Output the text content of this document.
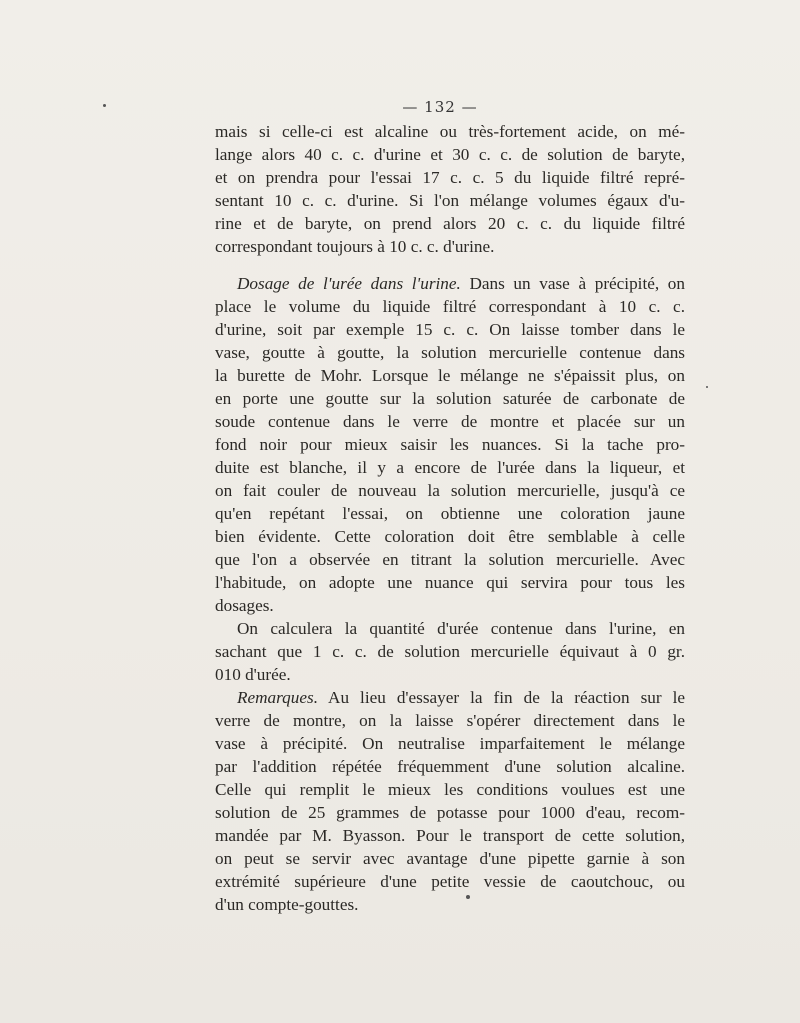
— 132 —
mais si celle-ci est alcaline ou très-fortement acide, on mé-
lange alors 40 c. c. d'urine et 30 c. c. de solution de baryte,
et on prendra pour l'essai 17 c. c. 5 du liquide filtré repré-
sentant 10 c. c. d'urine. Si l'on mélange volumes égaux d'u-
rine et de baryte, on prend alors 20 c. c. du liquide filtré
correspondant toujours à 10 c. c. d'urine.
Dosage de l'urée dans l'urine. Dans un vase à précipité, on
place le volume du liquide filtré correspondant à 10 c. c.
d'urine, soit par exemple 15 c. c. On laisse tomber dans le
vase, goutte à goutte, la solution mercurielle contenue dans
la burette de Mohr. Lorsque le mélange ne s'épaissit plus, on
en porte une goutte sur la solution saturée de carbonate de
soude contenue dans le verre de montre et placée sur un
fond noir pour mieux saisir les nuances. Si la tache pro-
duite est blanche, il y a encore de l'urée dans la liqueur, et
on fait couler de nouveau la solution mercurielle, jusqu'à ce
qu'en repétant l'essai, on obtienne une coloration jaune
bien évidente. Cette coloration doit être semblable à celle
que l'on a observée en titrant la solution mercurielle. Avec
l'habitude, on adopte une nuance qui servira pour tous les
dosages.
On calculera la quantité d'urée contenue dans l'urine, en
sachant que 1 c. c. de solution mercurielle équivaut à 0 gr.
010 d'urée.
Remarques. Au lieu d'essayer la fin de la réaction sur le
verre de montre, on la laisse s'opérer directement dans le
vase à précipité. On neutralise imparfaitement le mélange
par l'addition répétée fréquemment d'une solution alcaline.
Celle qui remplit le mieux les conditions voulues est une
solution de 25 grammes de potasse pour 1000 d'eau, recom-
mandée par M. Byasson. Pour le transport de cette solution,
on peut se servir avec avantage d'une pipette garnie à son
extrémité supérieure d'une petite vessie de caoutchouc, ou
d'un compte-gouttes.
